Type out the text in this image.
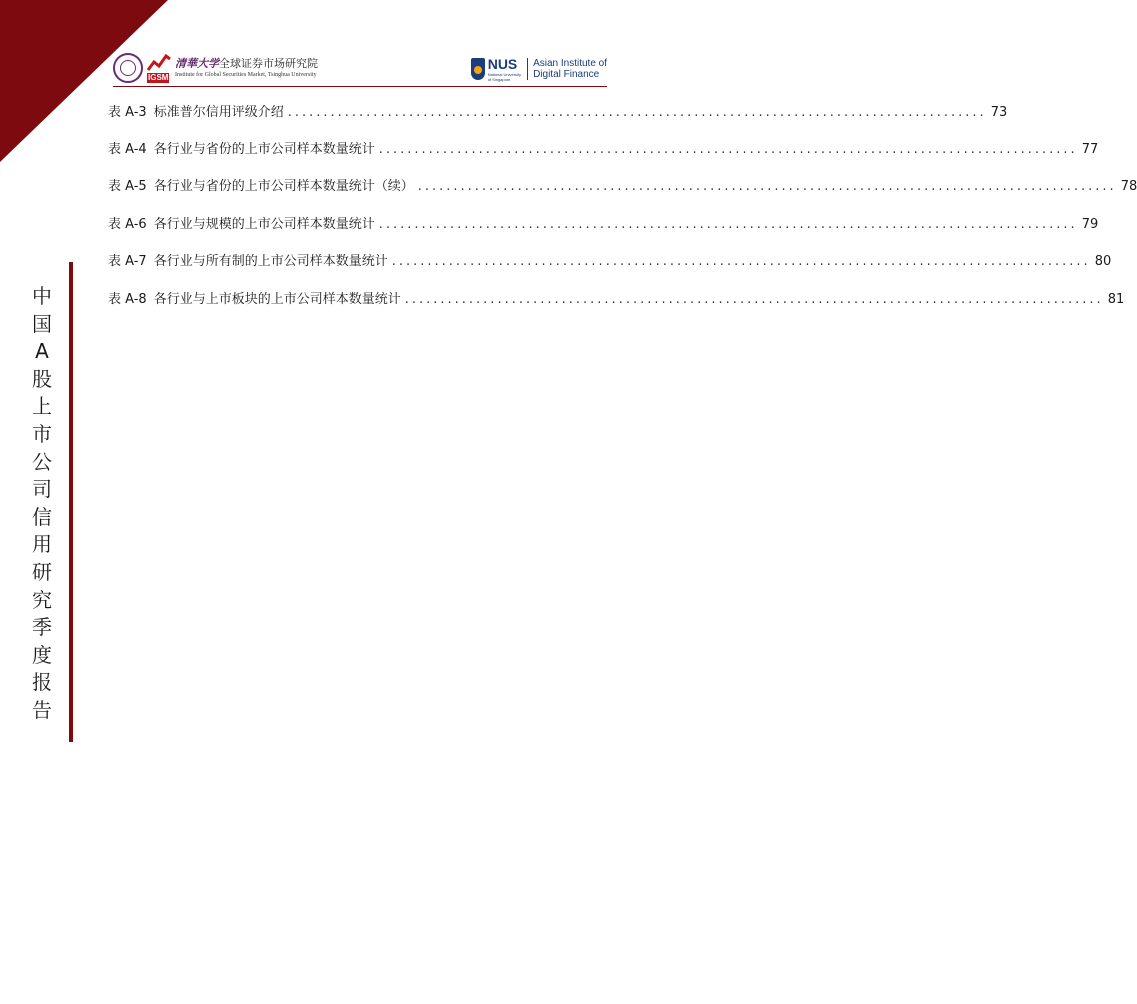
IGSM
清華大学全球证券市场研究院
Institute for Global Securities Market, Tsinghua University
NUS
National University
of Singapore
Asian Institute of
Digital Finance
表 A-3 标准普尔信用评级介绍 .................................................................................................. 73
表 A-4 各行业与省份的上市公司样本数量统计 .................................................................................................. 77
表 A-5 各行业与省份的上市公司样本数量统计（续） .................................................................................................. 78
表 A-6 各行业与规模的上市公司样本数量统计 .................................................................................................. 79
表 A-7 各行业与所有制的上市公司样本数量统计 .................................................................................................. 80
表 A-8 各行业与上市板块的上市公司样本数量统计 .................................................................................................. 81
中
国
A
股
上
市
公
司
信
用
研
究
季
度
报
告
